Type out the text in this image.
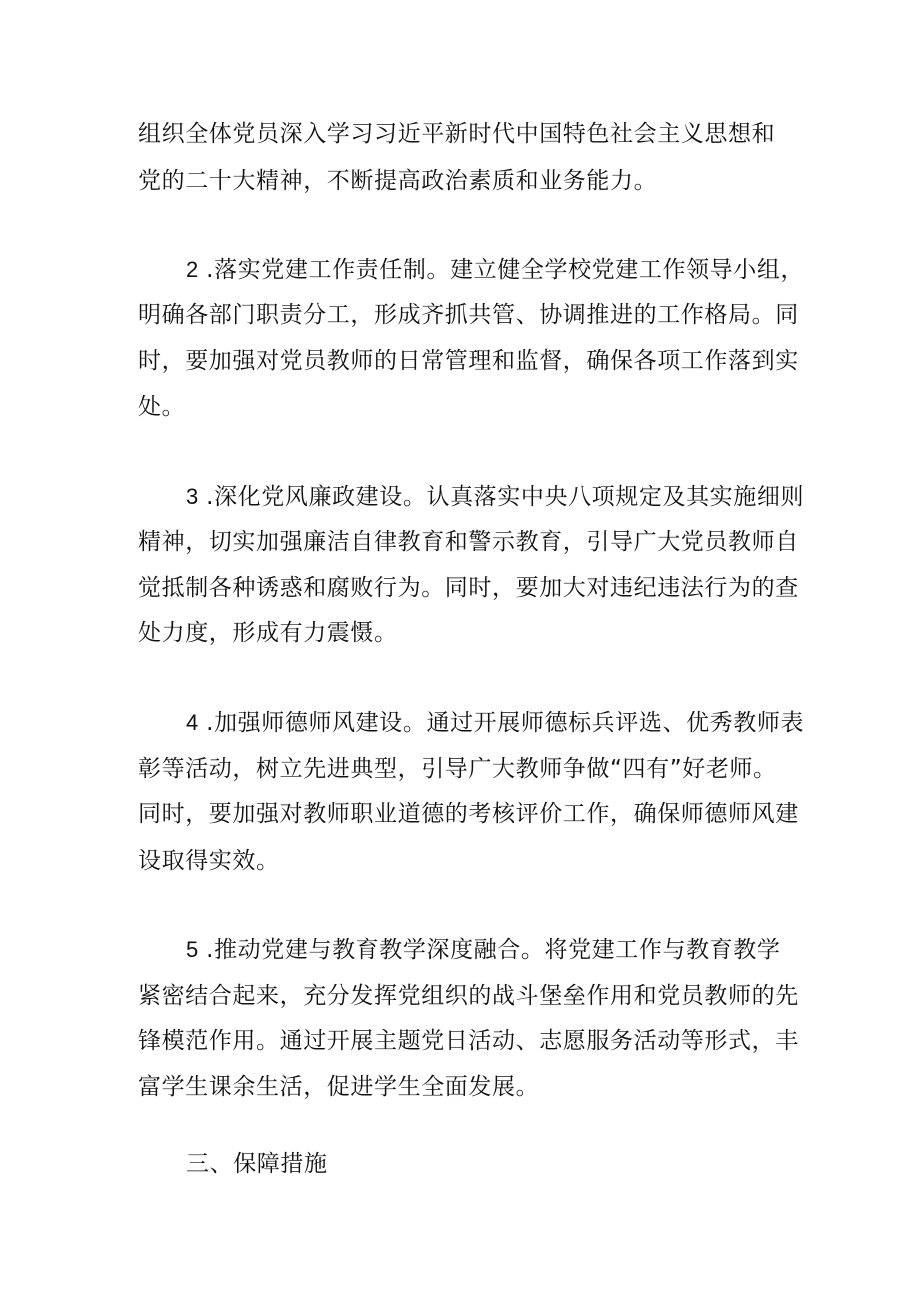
组织全体党员深入学习习近平新时代中国特色社会主义思想和
党的二十大精神，不断提高政治素质和业务能力。
2 .落实党建工作责任制。建立健全学校党建工作领导小组，
明确各部门职责分工，形成齐抓共管、协调推进的工作格局。同
时，要加强对党员教师的日常管理和监督，确保各项工作落到实
处。
3 .深化党风廉政建设。认真落实中央八项规定及其实施细则
精神，切实加强廉洁自律教育和警示教育，引导广大党员教师自
觉抵制各种诱惑和腐败行为。同时，要加大对违纪违法行为的查
处力度，形成有力震慑。
4 .加强师德师风建设。通过开展师德标兵评选、优秀教师表
彰等活动，树立先进典型，引导广大教师争做“四有”好老师。
同时，要加强对教师职业道德的考核评价工作，确保师德师风建
设取得实效。
5 .推动党建与教育教学深度融合。将党建工作与教育教学
紧密结合起来，充分发挥党组织的战斗堡垒作用和党员教师的先
锋模范作用。通过开展主题党日活动、志愿服务活动等形式，丰
富学生课余生活，促进学生全面发展。
三、保障措施
